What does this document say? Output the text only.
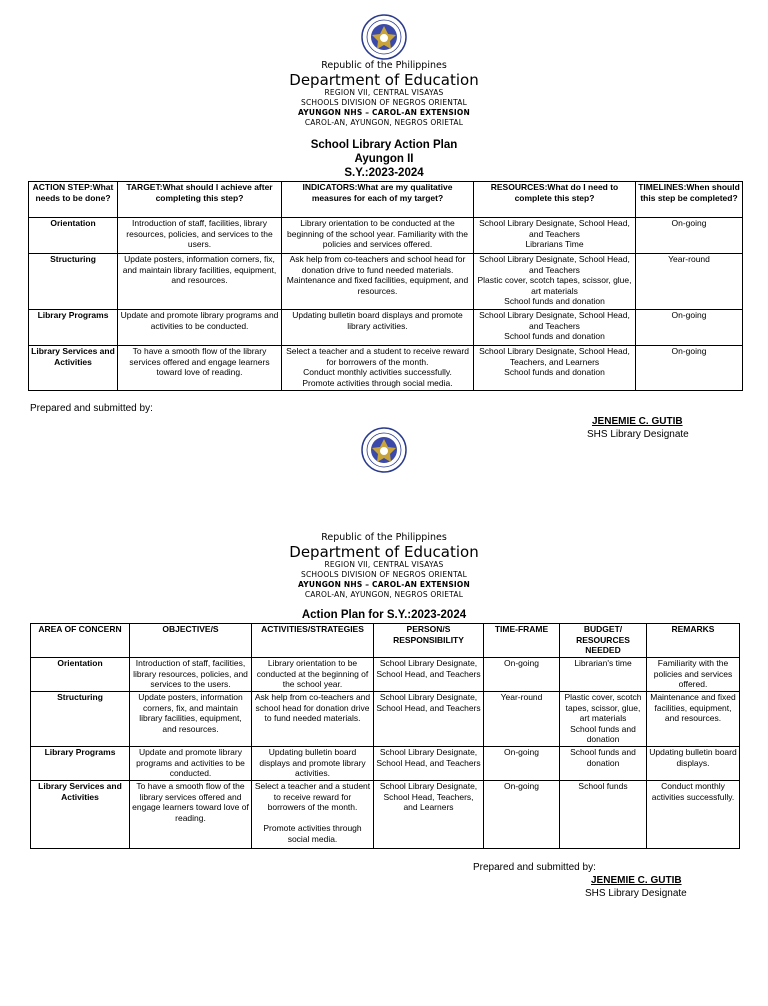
Republic of the Philippines
Department of Education
REGION VII, CENTRAL VISAYAS
SCHOOLS DIVISION OF NEGROS ORIENTAL
AYUNGON NHS – CAROL-AN EXTENSION
CAROL-AN, AYUNGON, NEGROS ORIETAL
School Library Action Plan
Ayungon II
S.Y.:2023-2024
ACTION STEP:What needs to be done?	TARGET:What should I achieve after completing this step?	INDICATORS:What are my qualitative measures for each of my target?	RESOURCES:What do I need to complete this step?	TIMELINES:When should this step be completed?
Orientation	Introduction of staff, facilities, library resources, policies, and services to the users.	Library orientation to be conducted at the beginning of the school year. Familiarity with the policies and services offered.	School Library Designate, School Head, and Teachers
Librarians Time	On-going
Structuring	Update posters, information corners, fix, and maintain library facilities, equipment, and resources.	Ask help from co-teachers and school head for donation drive to fund needed materials.
Maintenance and fixed facilities, equipment, and resources.	School Library Designate, School Head, and Teachers
Plastic cover, scotch tapes, scissor, glue, art materials
School funds and donation	Year-round
Library Programs	Update and promote library programs and activities to be conducted.	Updating bulletin board displays and promote library activities.	School Library Designate, School Head, and Teachers
School funds and donation	On-going
Library Services and Activities	To have a smooth flow of the library services offered and engage learners toward love of reading.	Select a teacher and a student to receive reward for borrowers of the month.
Conduct monthly activities successfully.
Promote activities through social media.	School Library Designate, School Head, Teachers, and Learners
School funds and donation	On-going
Prepared and submitted by:
JENEMIE C. GUTIB
SHS Library Designate
Republic of the Philippines
Department of Education
REGION VII, CENTRAL VISAYAS
SCHOOLS DIVISION OF NEGROS ORIENTAL
AYUNGON NHS – CAROL-AN EXTENSION
CAROL-AN, AYUNGON, NEGROS ORIETAL
Action Plan for S.Y.:2023-2024
AREA OF CONCERN	OBJECTIVE/S	ACTIVITIES/STRATEGIES	PERSON/S RESPONSIBILITY	TIME-FRAME	BUDGET/ RESOURCES NEEDED	REMARKS
Orientation	Introduction of staff, facilities, library resources, policies, and services to the users.	Library orientation to be conducted at the beginning of the school year.	School Library Designate, School Head, and Teachers	On-going	Librarian's time	Familiarity with the policies and services offered.
Structuring	Update posters, information corners, fix, and maintain library facilities, equipment, and resources.	Ask help from co-teachers and school head for donation drive to fund needed materials.	School Library Designate, School Head, and Teachers	Year-round	Plastic cover, scotch tapes, scissor, glue, art materials
School funds and donation	Maintenance and fixed facilities, equipment, and resources.
Library Programs	Update and promote library programs and activities to be conducted.	Updating bulletin board displays and promote library activities.	School Library Designate, School Head, and Teachers	On-going	School funds and donation	Updating bulletin board displays.
Library Services and Activities	To have a smooth flow of the library services offered and engage learners toward love of reading.	Select a teacher and a student to receive reward for borrowers of the month.
Promote activities through social media.	School Library Designate, School Head, Teachers, and Learners	On-going	School funds	Conduct monthly activities successfully.
Prepared and submitted by:
JENEMIE C. GUTIB
SHS Library Designate
